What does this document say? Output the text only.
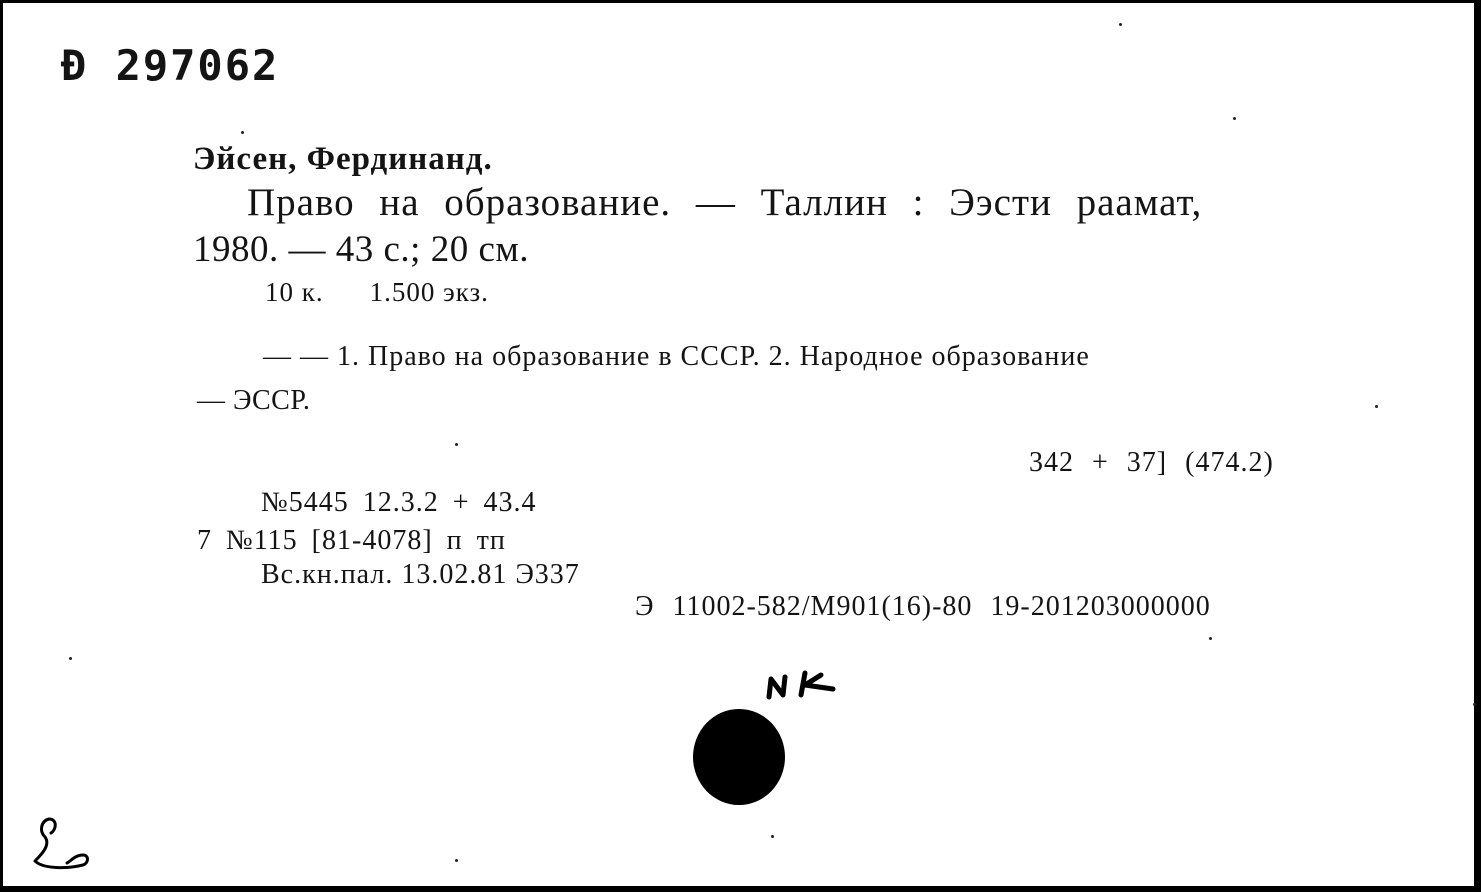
Ð 297062
Эйсен, Фердинанд.
Право на образование. — Таллин : Ээсти раамат,
1980. — 43 с.; 20 см.
10 к. 1.500 экз.
— — 1. Право на образование в СССР. 2. Народное образование
— ЭССР.
342 + 37] (474.2)
№5445 12.3.2 + 43.4
7 №115 [81-4078] п тп
Вс.кн.пал. 13.02.81 Э337
Э 11002-582/М901(16)-80 19-201203000000
